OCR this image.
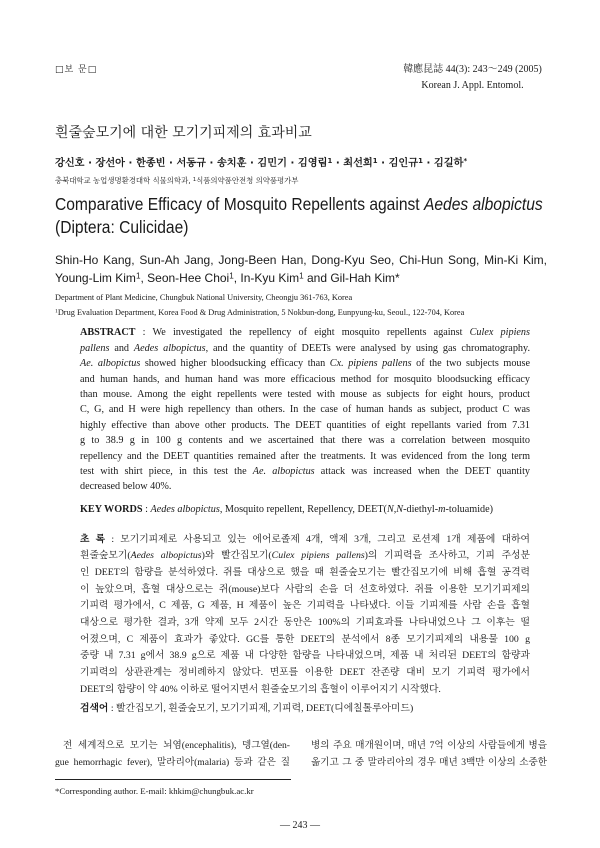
□보 문□	韓應昆誌 44(3): 243～249 (2005)
Korean J. Appl. Entomol.
흰줄숲모기에 대한 모기기피제의 효과비교
강신호 · 장선아 · 한종빈 · 서동규 · 송치훈 · 김민기 · 김영림$^1$ · 최선희$^1$ · 김인규$^1$ · 김길하*
충북대학교 농업생명환경대학 식물의학과, $^1$식품의약품안전청 의약품평가부
Comparative Efficacy of Mosquito Repellents against Aedes albopictus
(Diptera: Culicidae)
Shin-Ho Kang, Sun-Ah Jang, Jong-Been Han, Dong-Kyu Seo, Chi-Hun Song, Min-Ki Kim,
Young-Lim Kim$^1$, Seon-Hee Choi$^1$, In-Kyu Kim$^1$ and Gil-Hah Kim*
Department of Plant Medicine, Chungbuk National University, Cheongju 361-763, Korea
$^1$Drug Evaluation Department, Korea Food & Drug Administration, 5 Nokbun-dong, Eunpyung-ku, Seoul., 122-704, Korea
ABSTRACT : We investigated the repellency of eight mosquito repellents against Culex pipiens
pallens and Aedes albopictus, and the quantity of DEETs were analysed by using gas chromatography.
Ae. albopictus showed higher bloodsucking efficacy than Cx. pipiens pallens of the two subjects mouse
and human hands, and human hand was more efficacious method for mosquito bloodsucking efficacy
than mouse. Among the eight repellents were tested with mouse as subjects for eight hours, product
C, G, and H were high repellency than others. In the case of human hands as subject, product C was
highly effective than above other products. The DEET quantities of eight repellants varied from 7.31
g to 38.9 g in 100 g contents and we ascertained that there was a correlation between mosquito
repellency and the DEET quantities remained after the treatments. It was evidenced from the long term
test with shirt piece, in this test the Ae. albopictus attack was increased when the DEET quantity
decreased below 40%.
KEY WORDS : Aedes albopictus, Mosquito repellent, Repellency, DEET(N,N-diethyl-m-toluamide)
초 록 : 모기기피제로 사용되고 있는 에어로졸제 4개, 액제 3개, 그리고 로션제 1개 제품에 대하여
흰줄숲모기(Aedes albopictus)와 빨간집모기(Culex pipiens pallens)의 기피력을 조사하고, 기피 주성분
인 DEET의 함량을 분석하였다. 쥐를 대상으로 했을 때 흰줄숲모기는 빨간집모기에 비해 흡혈 공격력
이 높았으며, 흡혈 대상으로는 쥐(mouse)보다 사람의 손을 더 선호하였다. 쥐를 이용한 모기기피제의
기피력 평가에서, C 제품, G 제품, H 제품이 높은 기피력을 나타냈다. 이들 기피제를 사람 손을 흡혈
대상으로 평가한 결과, 3개 약제 모두 2시간 동안은 100%의 기피효과를 나타내었으나 그 이후는 떨
어졌으며, C 제품이 효과가 좋았다. GC를 통한 DEET의 분석에서 8종 모기기피제의 내용물 100 g
중량 내 7.31 g에서 38.9 g으로 제품 내 다양한 함량을 나타내었으며, 제품 내 처리된 DEET의 함량과
기피력의 상관관계는 정비례하지 않았다. 면포를 이용한 DEET 잔존량 대비 모기 기피력 평가에서
DEET의 함량이 약 40% 이하로 떨어지면서 흰줄숲모기의 흡혈이 이루어지기 시작했다.
검색어 : 빨간집모기, 흰줄숲모기, 모기기피제, 기피력, DEET(디에칠톨루아미드)
전 세계적으로 모기는 뇌염(encephalitis), 뎅그열(den-
gue hemorrhagic fever), 말라리아(malaria) 등과 같은 질
병의 주요 매개원이며, 매년 7억 이상의 사람들에게 병을
옮기고 그 중 말라리아의 경우 매년 3백만 이상의 소중한
*Corresponding author. E-mail: khkim@chungbuk.ac.kr
— 243 —
